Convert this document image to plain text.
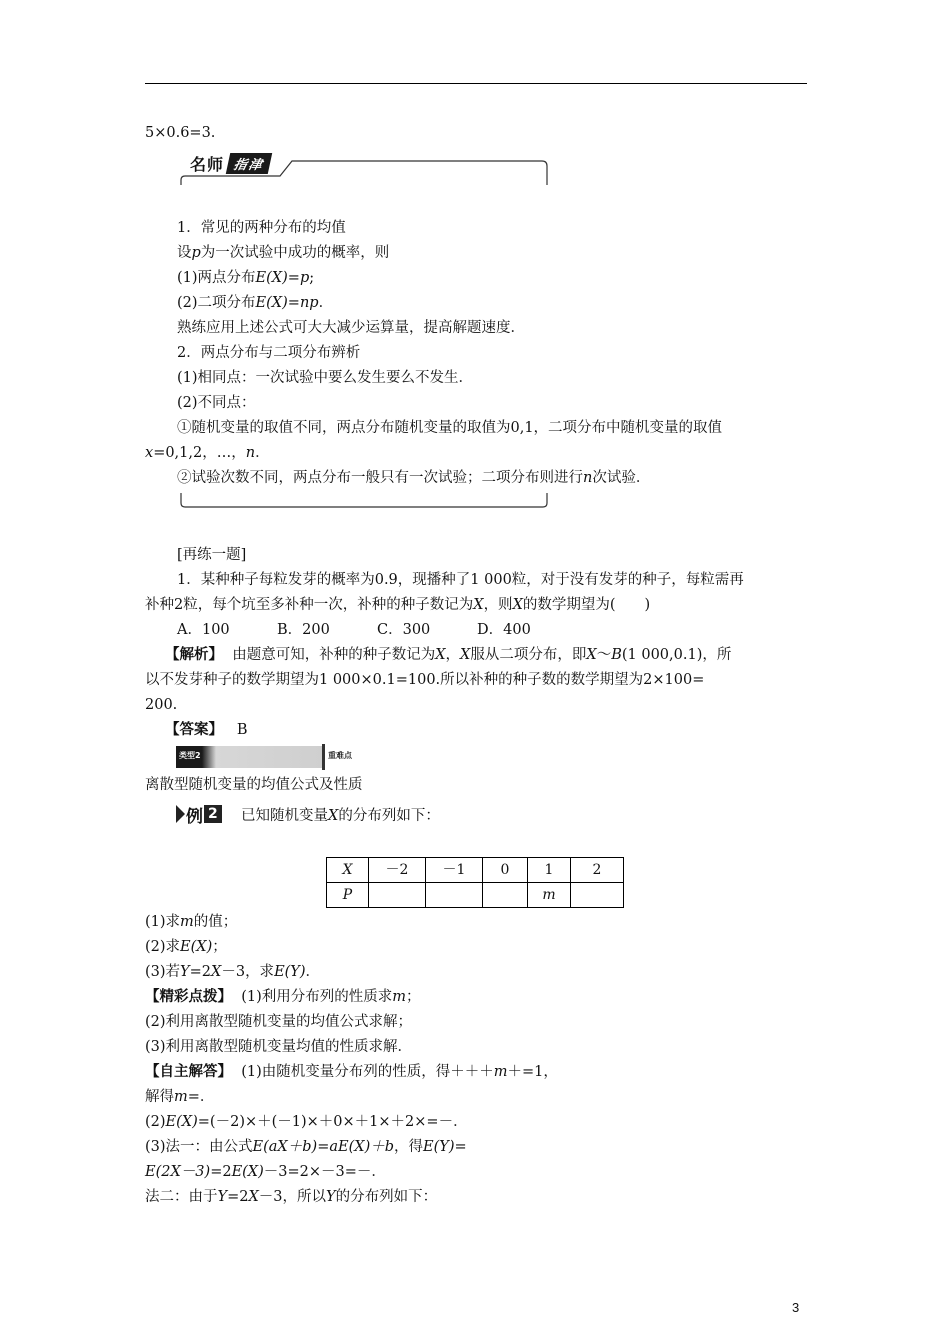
5×0.6=3.
名师 指津
1．常见的两种分布的均值
设p为一次试验中成功的概率，则
(1)两点分布E(X)=p;
(2)二项分布E(X)=np．
熟练应用上述公式可大大减少运算量，提高解题速度．
2．两点分布与二项分布辨析
(1)相同点：一次试验中要么发生要么不发生．
(2)不同点：
①随机变量的取值不同，两点分布随机变量的取值为0,1，二项分布中随机变量的取值
x=0,1,2，…，n．
②试验次数不同，两点分布一般只有一次试验；二项分布则进行n次试验．
[再练一题]
1．某种种子每粒发芽的概率为0.9，现播种了1 000粒，对于没有发芽的种子，每粒需再
补种2粒，每个坑至多补种一次，补种的种子数记为X，则X的数学期望为(　　)
A．100	B．200	C．300	D．400
【解析】 由题意可知，补种的种子数记为X，X服从二项分布，即X～B(1 000,0.1)，所
以不发芽种子的数学期望为1 000×0.1=100.所以补种的种子数的数学期望为2×100=
200.
【答案】 B
类型2	重难点
离散型随机变量的均值公式及性质
例 2 已知随机变量X的分布列如下：
X	－2	－1	0	1	2
P				m	
(1)求m的值；
(2)求E(X)；
(3)若Y=2X－3，求E(Y)．
【精彩点拨】 (1)利用分布列的性质求m；
(2)利用离散型随机变量的均值公式求解；
(3)利用离散型随机变量均值的性质求解．
【自主解答】 (1)由随机变量分布列的性质，得＋＋＋m＋=1，
解得m=．
(2)E(X)=(－2)×＋(－1)×＋0×＋1×＋2×=－．
(3)法一：由公式E(aX＋b)=aE(X)＋b，得E(Y)=
E(2X－3)=2E(X)－3=2×－3=－．
法二：由于Y=2X－3，所以Y的分布列如下：
3
